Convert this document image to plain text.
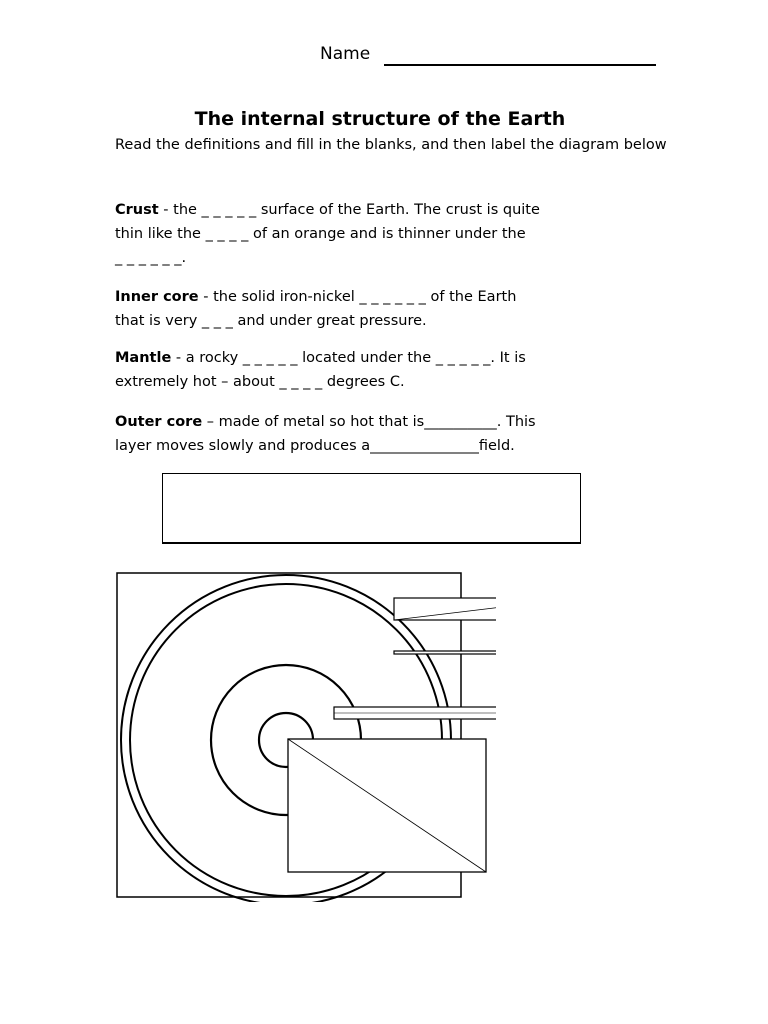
Name
The internal structure of the Earth
Read the definitions and fill in the blanks, and then label the diagram below
Crust - the _ _ _ _ _ surface of the Earth. The crust is quite
thin like the _ _ _ _ of an orange and is thinner under the
_ _ _ _ _ _.
Inner core - the solid iron-nickel _ _ _ _ _ _ of the Earth
that is very _ _ _ and under great pressure.
Mantle - a rocky _ _ _ _ _ located under the _ _ _ _ _. It is
extremely hot – about _ _ _ _ degrees C.
Outer core – made of metal so hot that is__________. This
layer moves slowly and produces a_______________field.
